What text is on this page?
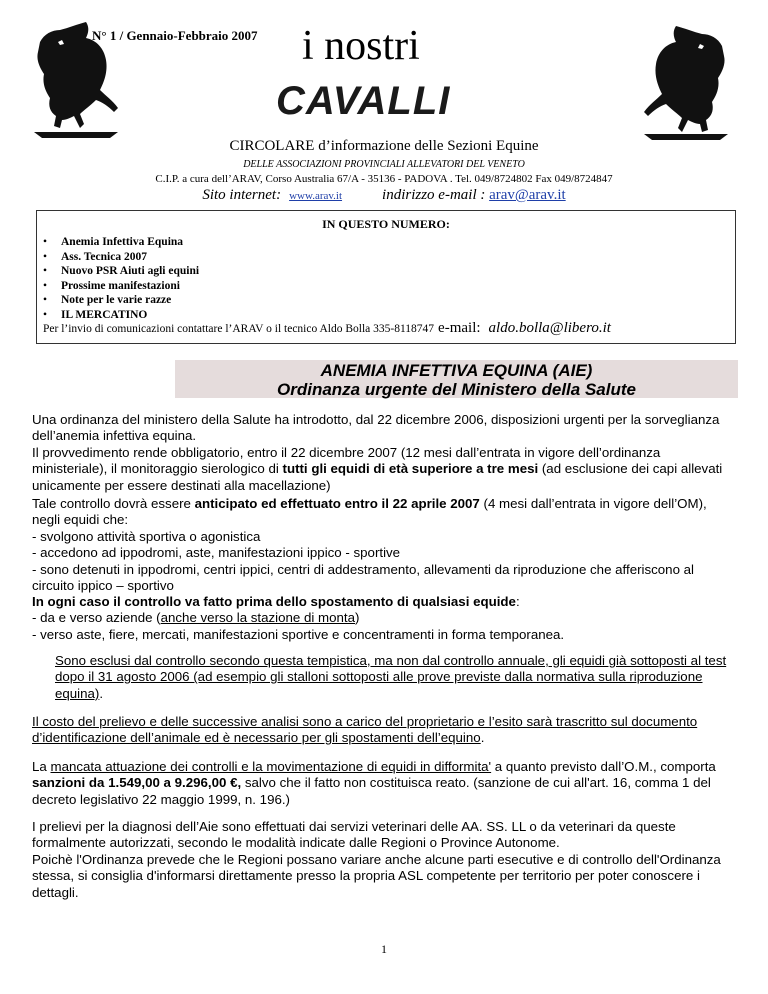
N° 1 / Gennaio-Febbraio 2007 i nostri
CAVALLI
CIRCOLARE d’informazione delle Sezioni Equine
DELLE ASSOCIAZIONI PROVINCIALI ALLEVATORI DEL VENETO
C.I.P. a cura dell’ARAV, Corso Australia 67/A - 35136 - PADOVA . Tel. 049/8724802 Fax 049/8724847
Sito internet: www.arav.it	indirizzo e-mail : arav@arav.it
IN QUESTO NUMERO:
• Anemia Infettiva Equina
• Ass. Tecnica 2007
• Nuovo PSR Aiuti agli equini
• Prossime manifestazioni
• Note per le varie razze
• IL MERCATINO
Per l’invio di comunicazioni contattare l’ARAV o il tecnico Aldo Bolla 335-8118747 e-mail: aldo.bolla@libero.it
ANEMIA INFETTIVA EQUINA (AIE)
Ordinanza urgente del Ministero della Salute
Una ordinanza del ministero della Salute ha introdotto, dal 22 dicembre 2006, disposizioni urgenti per la sorveglianza dell’anemia infettiva equina.
Il provvedimento rende obbligatorio, entro il 22 dicembre 2007 (12 mesi dall’entrata in vigore dell’ordinanza ministeriale), il monitoraggio sierologico di tutti gli equidi di età superiore a tre mesi (ad esclusione dei capi allevati unicamente per essere destinati alla macellazione)
Tale controllo dovrà essere anticipato ed effettuato entro il 22 aprile 2007 (4 mesi dall’entrata in vigore dell’OM), negli equidi che:
- svolgono attività sportiva o agonistica
- accedono ad ippodromi, aste, manifestazioni ippico - sportive
- sono detenuti in ippodromi, centri ippici, centri di addestramento, allevamenti da riproduzione che afferiscono al circuito ippico – sportivo
In ogni caso il controllo va fatto prima dello spostamento di qualsiasi equide:
- da e verso aziende (anche verso la stazione di monta)
- verso aste, fiere, mercati, manifestazioni sportive e concentramenti in forma temporanea.
Sono esclusi dal controllo secondo questa tempistica, ma non dal controllo annuale, gli equidi già sottoposti al test dopo il 31 agosto 2006 (ad esempio gli stalloni sottoposti alle prove previste dalla normativa sulla riproduzione equina).
Il costo del prelievo e delle successive analisi sono a carico del proprietario e l’esito sarà trascritto sul documento d’identificazione dell’animale ed è necessario per gli spostamenti dell’equino.
La mancata attuazione dei controlli e la movimentazione di equidi in difformita' a quanto previsto dall’O.M., comporta sanzioni da 1.549,00 a 9.296,00 €, salvo che il fatto non costituisca reato. (sanzione de cui all'art. 16, comma 1 del decreto legislativo 22 maggio 1999, n. 196.)
I prelievi per la diagnosi dell’Aie sono effettuati dai servizi veterinari delle AA. SS. LL o da veterinari da queste formalmente autorizzati, secondo le modalità indicate dalle Regioni o Province Autonome.
Poichè l'Ordinanza prevede che le Regioni possano variare anche alcune parti esecutive e di controllo dell'Ordinanza stessa, si consiglia d'informarsi direttamente presso la propria ASL competente per territorio per poter conoscere i dettagli.
1
